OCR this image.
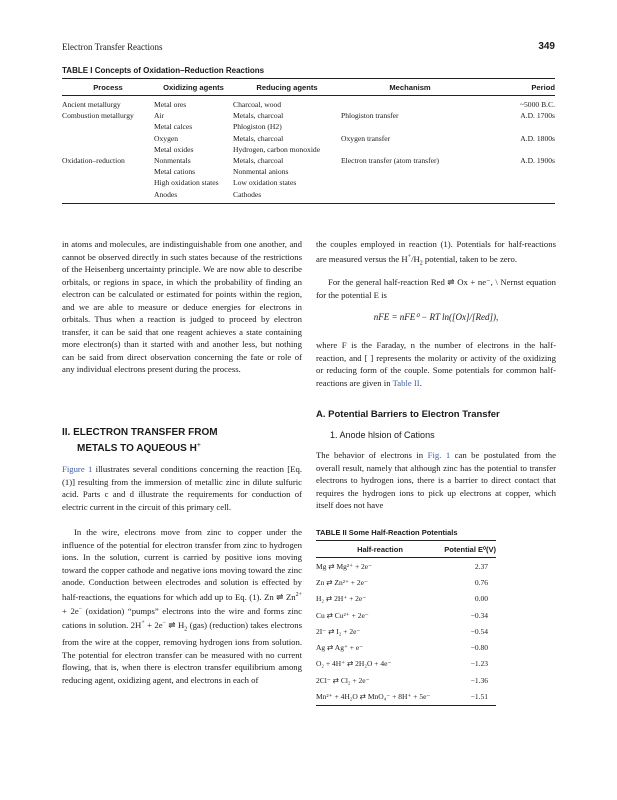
Electron Transfer Reactions	349
TABLE I Concepts of Oxidation–Reduction Reactions
Process	Oxidizing agents	Reducing agents	Mechanism	Period
Ancient metallurgy	Metal ores	Charcoal, wood		~5000 B.C.
Combustion metallurgy	Air	Metals, charcoal	Phlogiston transfer	A.D. 1700s
	Metal calces	Phlogiston (H2)		
	Oxygen	Metals, charcoal	Oxygen transfer	A.D. 1800s
	Metal oxides	Hydrogen, carbon monoxide		
Oxidation–reduction	Nonmentals	Metals, charcoal	Electron transfer (atom transfer)	A.D. 1900s
	Metal cations	Nonmental anions		
	High oxidation states	Low oxidation states		
	Anodes	Cathodes		

in atoms and molecules, are indistinguishable from one another, and cannot be observed directly in such states because of the restrictions of the Heisenberg uncertainty principle. We are now able to describe orbitals, or regions in space, in which the probability of finding an electron can be calculated or estimated for points within the region, and we are able to measure or deduce energies for electrons in orbitals. Thus when a reaction is judged to proceed by electron transfer, it can be said that one reagent achieves a state containing more electron(s) than it started with and another less, but nothing can be said from direct observation concerning the fate or role of any individual electrons present during the process.

II. ELECTRON TRANSFER FROM
METALS TO AQUEOUS H+

Figure 1 illustrates several conditions concerning the reaction [Eq. (1)] resulting from the immersion of metallic zinc in dilute sulfuric acid. Parts c and d illustrate the requirements for conduction of electric current in the circuit of this primary cell.

In the wire, electrons move from zinc to copper under the influence of the potential for electron transfer from zinc to hydrogen ions. In the solution, current is carried by positive ions moving toward the copper cathode and negative ions moving toward the zinc anode. Conduction between electrodes and solution is effected by half-reactions, the equations for which add up to Eq. (1). Zn ⇌ $Zn^{2+} + 2e^-$ (oxidation) “pumps” electrons into the wire and forms zinc cations in solution. 2H+ + 2e− ⇌ $H_2$ (gas) (reduction) takes electrons from the wire at the copper, removing hydrogen ions from solution. The potential for electron transfer can be measured with no current flowing, that is, when there is electron transfer equilibrium among reducing agent, oxidizing agent, and electrons in each of

the couples employed in reaction (1). Potentials for half-reactions are measured versus the $H^+/H_2$ potential, taken to be zero.

For the general half-reaction Red ⇌ Ox + ne⁻, \ Nernst equation for the potential E is

nFE = nFE⁰ − RT ln([Ox]/[Red]),

where F is the Faraday, n the number of electrons in the half-reaction, and [ ] represents the molarity or activity of the oxidizing or reducing form of the couple. Some potentials for common half-reactions are given in Table II.

A. Potential Barriers to Electron Transfer
1. Anode hlsion of Cations

The behavior of electrons in Fig. 1 can be postulated from the overall result, namely that although zinc has the potential to transfer electrons to hydrogen ions, there is a barrier to direct contact that requires the hydrogen ions to pick up electrons at copper, which itself does not have

TABLE II Some Half-Reaction Potentials
Half-reaction	Potential E⁰(V)
Mg ⇄ Mg²⁺ + 2e⁻	2.37
Zn ⇄ Zn²⁺ + 2e⁻	0.76
H₂ ⇄ 2H⁺ + 2e⁻	0.00
Cu ⇄ Cu²⁺ + 2e⁻	−0.34
2I⁻ ⇄ I₂ + 2e⁻	−0.54
Ag ⇄ Ag⁺ + e⁻	−0.80
O₂ + 4H⁺ ⇄ 2H₂O + 4e⁻	−1.23
2Cl⁻ ⇄ Cl₂ + 2e⁻	−1.36
Mn²⁺ + 4H₂O ⇄ MnO₄⁻ + 8H⁺ + 5e⁻	−1.51
